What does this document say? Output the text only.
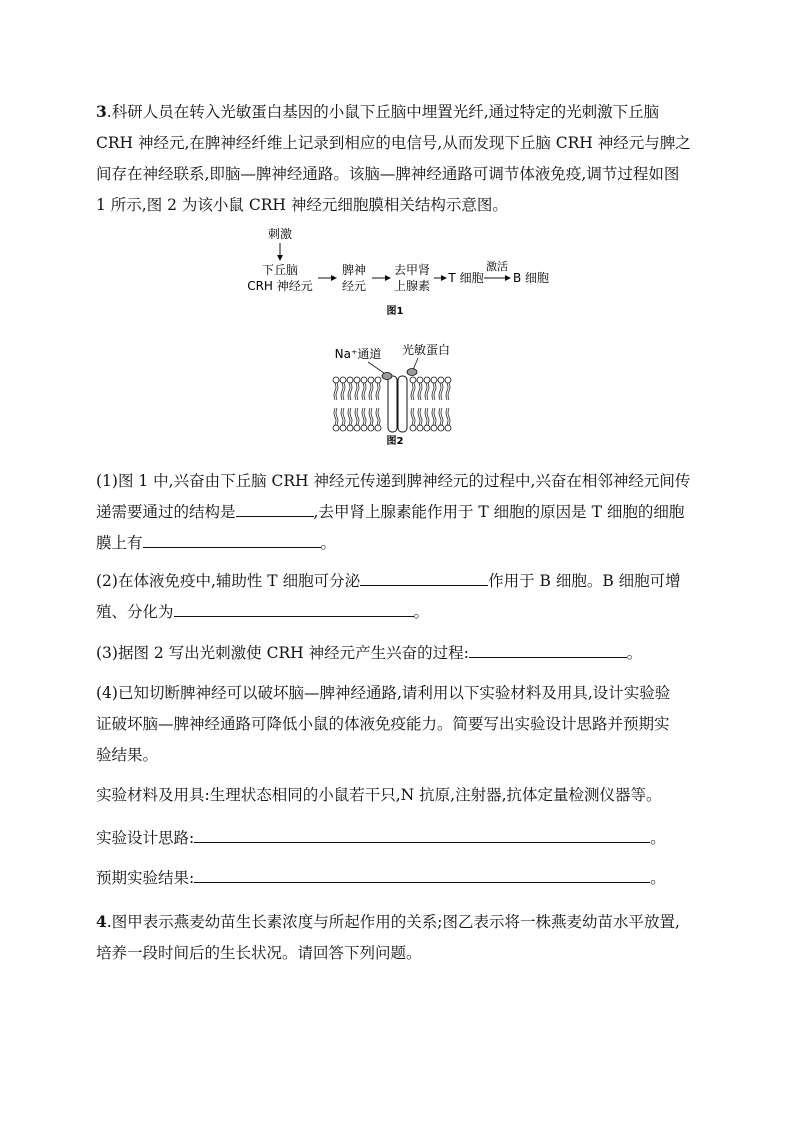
3.科研人员在转入光敏蛋白基因的小鼠下丘脑中埋置光纤,通过特定的光刺激下丘脑
CRH 神经元,在脾神经纤维上记录到相应的电信号,从而发现下丘脑 CRH 神经元与脾之
间存在神经联系,即脑—脾神经通路。该脑—脾神经通路可调节体液免疫,调节过程如图
1 所示,图 2 为该小鼠 CRH 神经元细胞膜相关结构示意图。
刺激
下丘脑
CRH 神经元
脾神
经元
去甲肾
上腺素
T 细胞
激活
B 细胞
图1
Na⁺通道 光敏蛋白
图2
(1)图 1 中,兴奋由下丘脑 CRH 神经元传递到脾神经元的过程中,兴奋在相邻神经元间传
递需要通过的结构是	,去甲肾上腺素能作用于 T 细胞的原因是 T 细胞的细胞
膜上有	。
(2)在体液免疫中,辅助性 T 细胞可分泌	作用于 B 细胞。B 细胞可增
殖、分化为	。
(3)据图 2 写出光刺激使 CRH 神经元产生兴奋的过程:	。
(4)已知切断脾神经可以破坏脑—脾神经通路,请利用以下实验材料及用具,设计实验验
证破坏脑—脾神经通路可降低小鼠的体液免疫能力。简要写出实验设计思路并预期实
验结果。
实验材料及用具:生理状态相同的小鼠若干只,N 抗原,注射器,抗体定量检测仪器等。
实验设计思路:	。
预期实验结果:	。
4.图甲表示燕麦幼苗生长素浓度与所起作用的关系;图乙表示将一株燕麦幼苗水平放置,
培养一段时间后的生长状况。请回答下列问题。
